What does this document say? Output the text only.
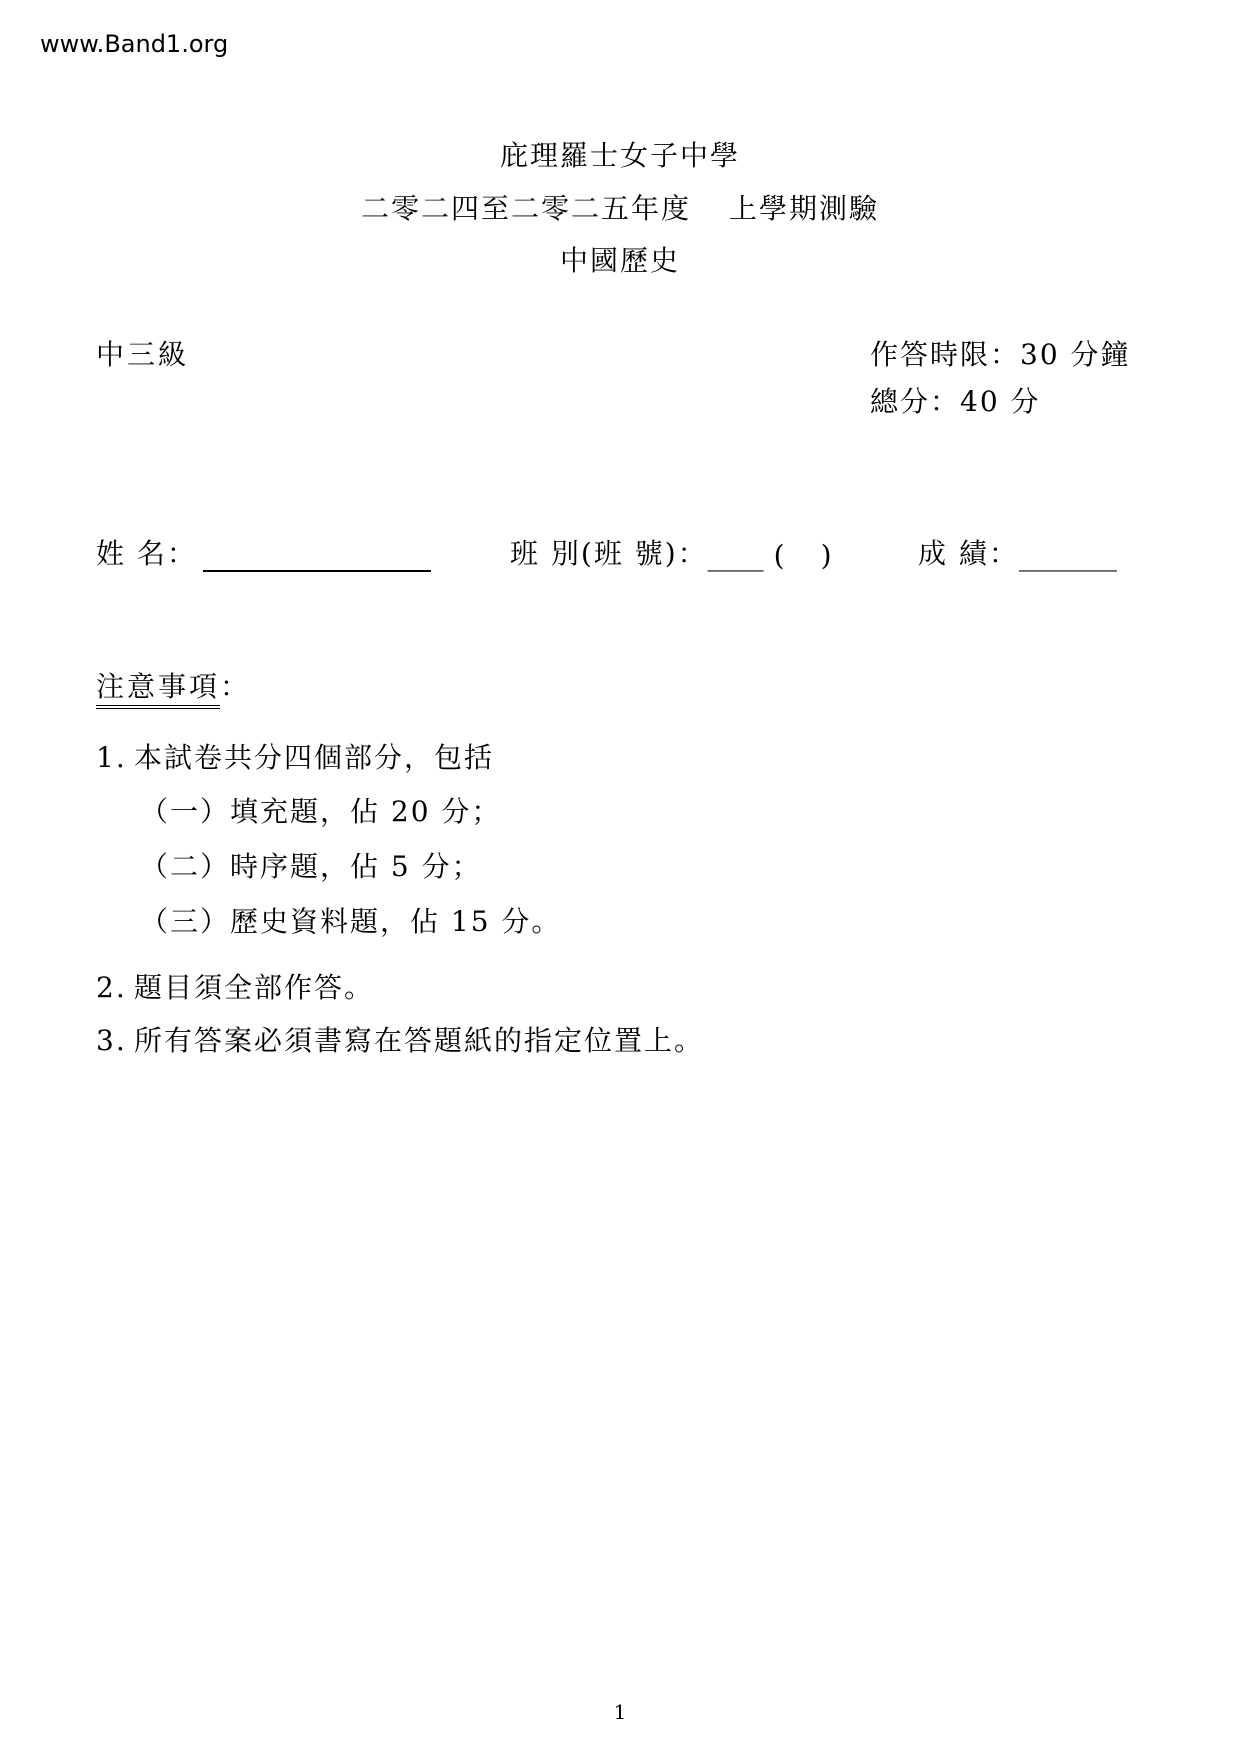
www.Band1.org
庇理羅士女子中學
二零二四至二零二五年度 上學期測驗
中國歷史
中三級	作答時限：30 分鐘
總分：40 分
姓 名：	班 別(班 號)： ____ ( )	成 績： _______
注意事項：
1. 本試卷共分四個部分，包括
（一）填充題，佔 20 分；
（二）時序題，佔 5 分；
（三）歷史資料題，佔 15 分。
2. 題目須全部作答。
3. 所有答案必須書寫在答題紙的指定位置上。
1
